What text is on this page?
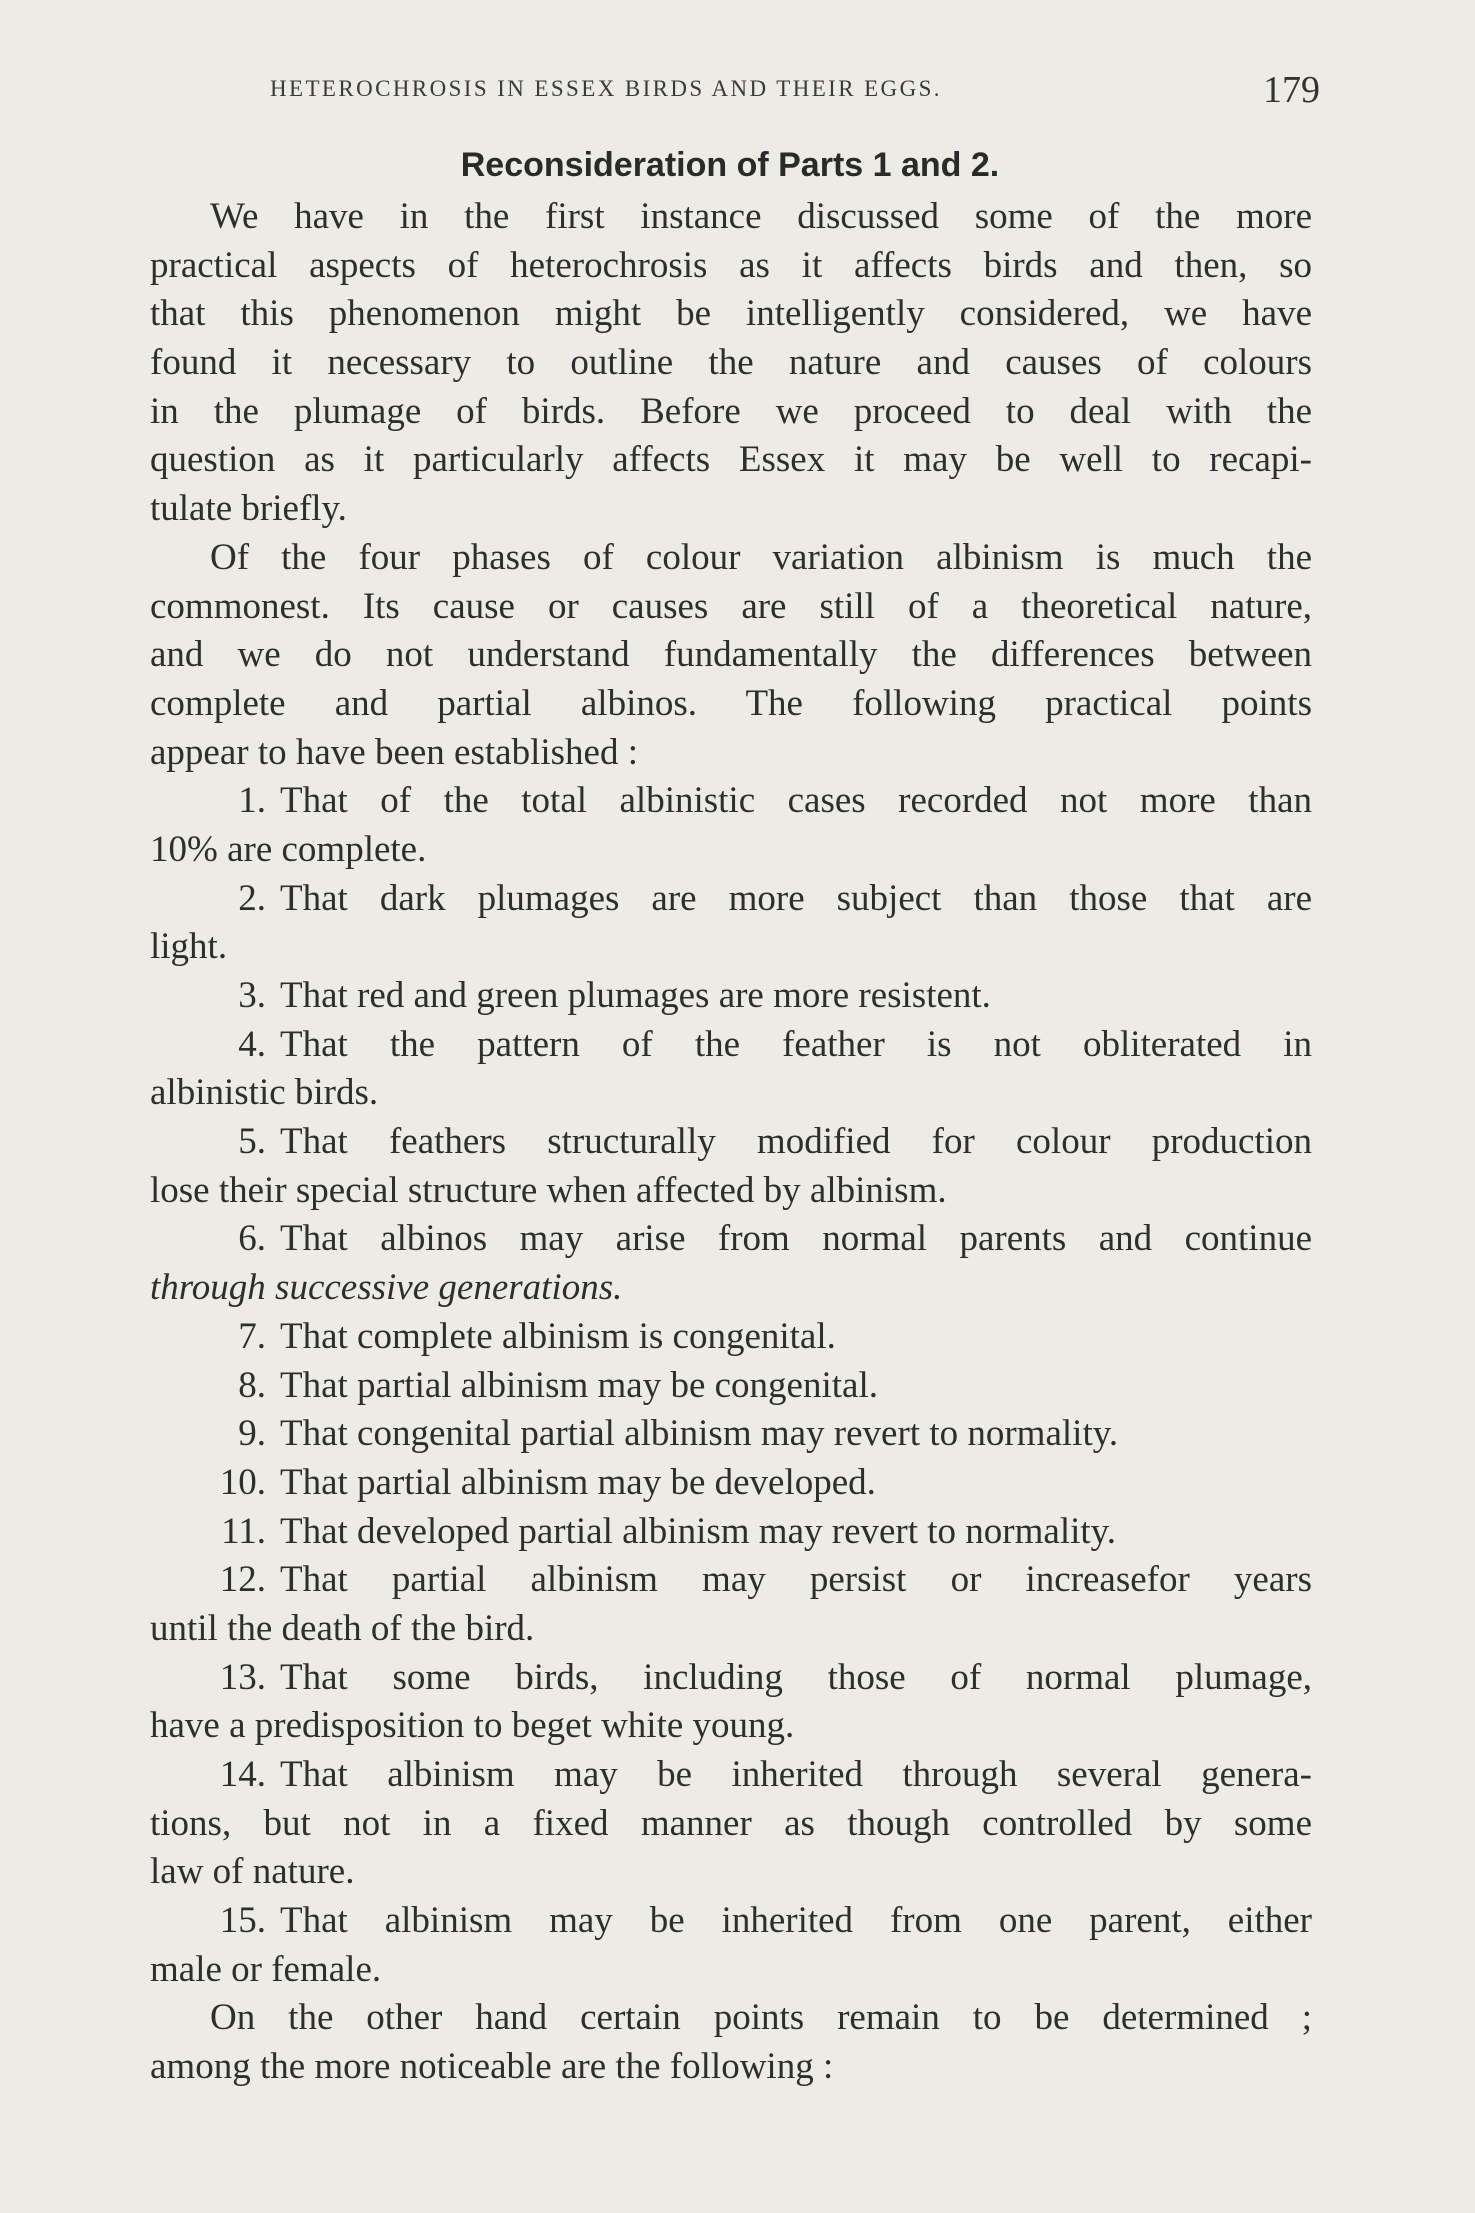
HETEROCHROSIS IN ESSEX BIRDS AND THEIR EGGS.	179
Reconsideration of Parts 1 and 2.
We have in the first instance discussed some of the more
practical aspects of heterochrosis as it affects birds and then, so
that this phenomenon might be intelligently considered, we have
found it necessary to outline the nature and causes of colours
in the plumage of birds. Before we proceed to deal with the
question as it particularly affects Essex it may be well to recapi-
tulate briefly.
Of the four phases of colour variation albinism is much the
commonest. Its cause or causes are still of a theoretical nature,
and we do not understand fundamentally the differences between
complete and partial albinos. The following practical points
appear to have been established :
1. That of the total albinistic cases recorded not more than
10% are complete.
2. That dark plumages are more subject than those that are
light.
3. That red and green plumages are more resistent.
4. That the pattern of the feather is not obliterated in
albinistic birds.
5. That feathers structurally modified for colour production
lose their special structure when affected by albinism.
6. That albinos may arise from normal parents and continue
through successive generations.
7. That complete albinism is congenital.
8. That partial albinism may be congenital.
9. That congenital partial albinism may revert to normality.
10. That partial albinism may be developed.
11. That developed partial albinism may revert to normality.
12. That partial albinism may persist or increasefor years
until the death of the bird.
13. That some birds, including those of normal plumage,
have a predisposition to beget white young.
14. That albinism may be inherited through several genera-
tions, but not in a fixed manner as though controlled by some
law of nature.
15. That albinism may be inherited from one parent, either
male or female.
On the other hand certain points remain to be determined ;
among the more noticeable are the following :
